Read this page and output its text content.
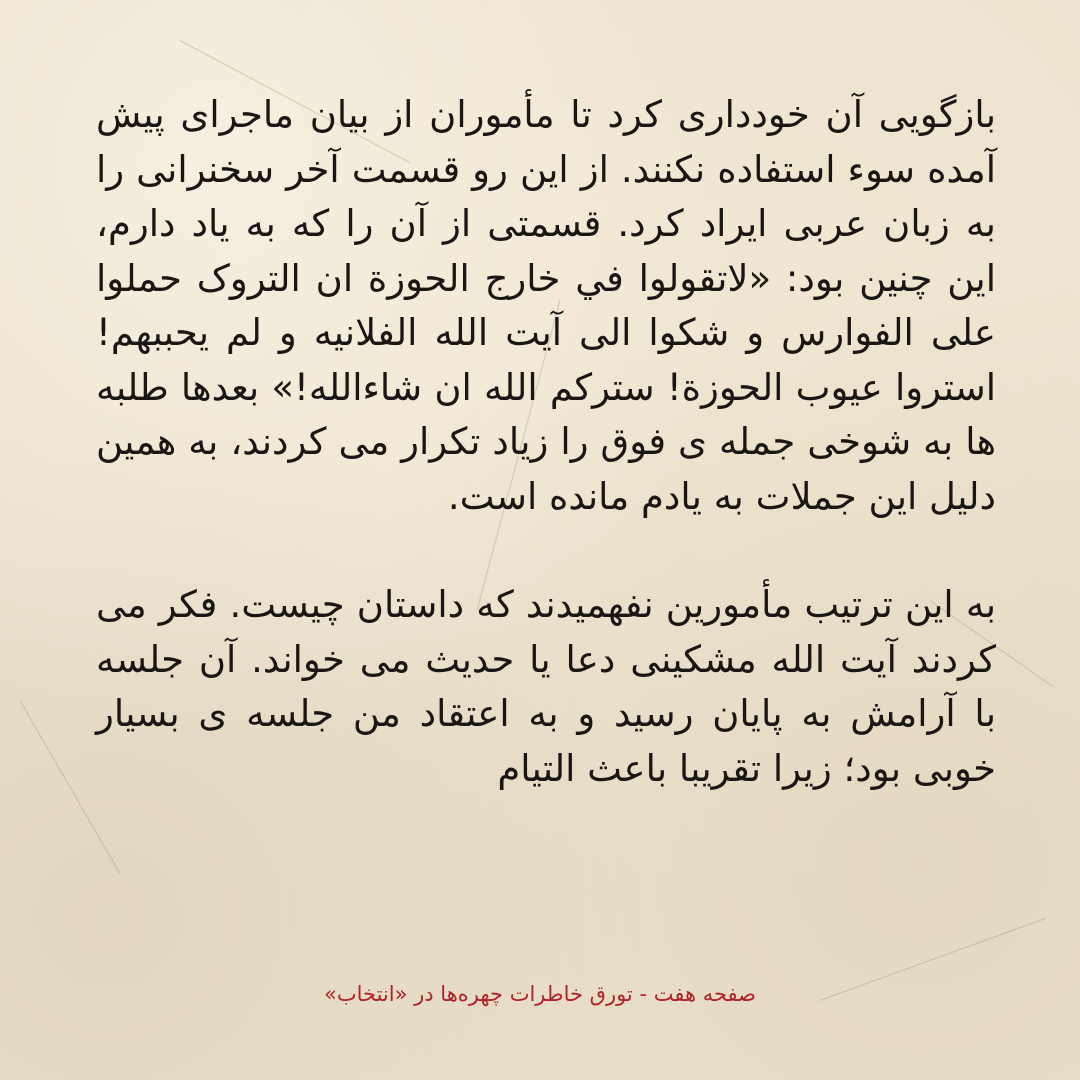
بازگویی آن خودداری کرد تا مأموران از بیان ماجرای پیش آمده سوء استفاده نکنند. از این رو قسمت آخر سخنرانی را به زبان عربی ایراد کرد. قسمتی از آن را که به یاد دارم، این چنین بود: «لاتقولوا في خارج الحوزة ان التروک حملوا على الفوارس و شکوا الی آیت الله الفلانیه و لم یحببهم! استروا عیوب الحوزة! سترکم الله ان شاءالله!» بعدها طلبه ها به شوخی جمله ی فوق را زیاد تکرار می کردند، به همین دلیل این جملات به یادم مانده است.

به این ترتیب مأمورین نفهمیدند که داستان چیست. فکر می کردند آیت الله مشکینی دعا یا حدیث می خواند. آن جلسه با آرامش به پایان رسید و به اعتقاد من جلسه ی بسیار خوبی بود؛ زیرا تقریبا باعث التیام

صفحه هفت - تورق خاطرات چهره‌ها در «انتخاب»
